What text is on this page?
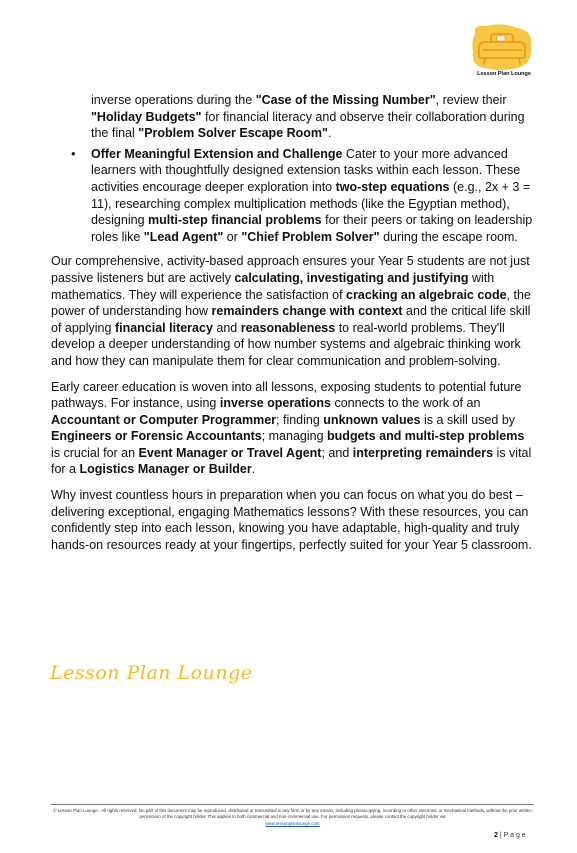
Lesson Plan Lounge

inverse operations during the "Case of the Missing Number", review their "Holiday Budgets" for financial literacy and observe their collaboration during the final "Problem Solver Escape Room".

• Offer Meaningful Extension and Challenge Cater to your more advanced learners with thoughtfully designed extension tasks within each lesson. These activities encourage deeper exploration into two-step equations (e.g., 2x + 3 = 11), researching complex multiplication methods (like the Egyptian method), designing multi-step financial problems for their peers or taking on leadership roles like "Lead Agent" or "Chief Problem Solver" during the escape room.

Our comprehensive, activity-based approach ensures your Year 5 students are not just passive listeners but are actively calculating, investigating and justifying with mathematics. They will experience the satisfaction of cracking an algebraic code, the power of understanding how remainders change with context and the critical life skill of applying financial literacy and reasonableness to real-world problems. They'll develop a deeper understanding of how number systems and algebraic thinking work and how they can manipulate them for clear communication and problem-solving.

Early career education is woven into all lessons, exposing students to potential future pathways. For instance, using inverse operations connects to the work of an Accountant or Computer Programmer; finding unknown values is a skill used by Engineers or Forensic Accountants; managing budgets and multi-step problems is crucial for an Event Manager or Travel Agent; and interpreting remainders is vital for a Logistics Manager or Builder.

Why invest countless hours in preparation when you can focus on what you do best – delivering exceptional, engaging Mathematics lessons? With these resources, you can confidently step into each lesson, knowing you have adaptable, high-quality and truly hands-on resources ready at your fingertips, perfectly suited for your Year 5 classroom.

Lesson Plan Lounge
© Lesson Plan Lounge - All rights reserved. No part of this document may be reproduced, distributed or transmitted in any form or by any means, including photocopying, recording or other electronic or mechanical methods, without the prior written permission of the copyright holder. This applies to both commercial and non-commercial use. For permission requests, please contact the copyright holder via
www.lessonplanlounge.com
2 | P a g e
